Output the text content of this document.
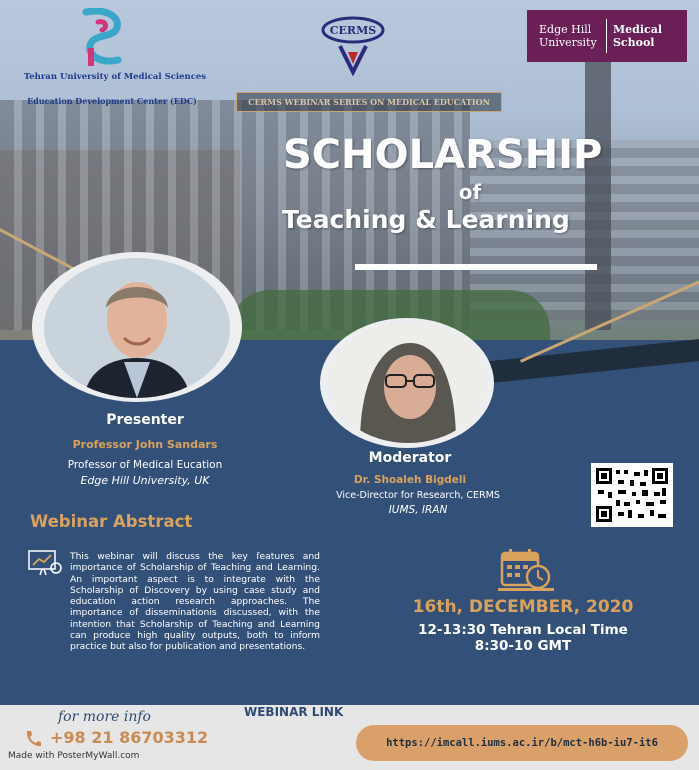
Tehran University of Medical Sciences
Education Development Center (EDC)
CERMS	Edge Hill University
Medical School
CERMS WEBINAR SERIES ON MEDICAL EDUCATION
SCHOLARSHIP
of
Teaching & Learning
Presenter
Professor John Sandars
Professor of Medical Eucation
Edge Hill University, UK
Moderator
Dr. Shoaleh Bigdeli
Vice-Director for Research, CERMS
IUMS, IRAN
Webinar Abstract
This webinar will discuss the key features and importance of Scholarship of Teaching and Learning. An important aspect is to integrate with the Scholarship of Discovery by using case study and education action research approaches. The importance of disseminationis discussed, with the intention that Scholarship of Teaching and Learning can produce high quality outputs, both to inform practice but also for publication and presentations.
16th, DECEMBER, 2020
12-13:30 Tehran Local Time
8:30-10 GMT
for more info
+98 21 86703312
Made with PosterMyWall.com
WEBINAR LINK
https://imcall.iums.ac.ir/b/mct-h6b-iu7-it6
